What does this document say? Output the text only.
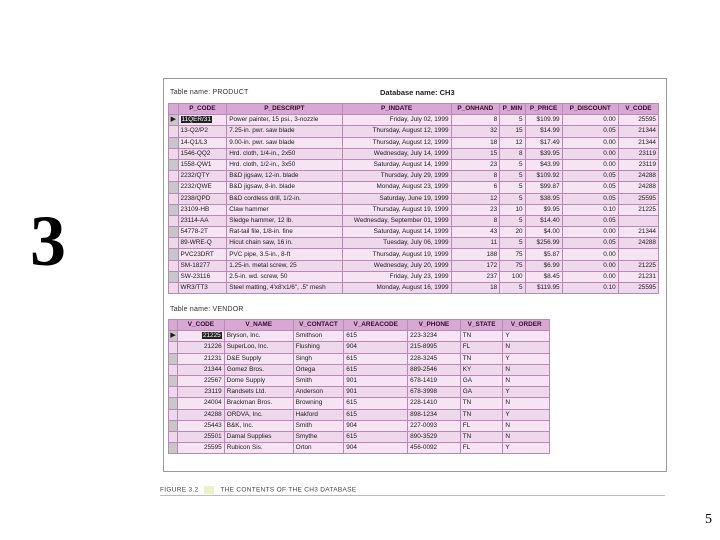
3
Table name: PRODUCT	Database name: CH3
	P_CODE	P_DESCRIPT	P_INDATE	P_ONHAND	P_MIN	P_PRICE	P_DISCOUNT	V_CODE
▶	11QER/31	Power painter, 15 psi., 3-nozzle	Friday, July 02, 1999	8	5	$109.99	0.00	25595
	13-Q2/P2	7.25-in. pwr. saw blade	Thursday, August 12, 1999	32	15	$14.99	0.05	21344
	14-Q1/L3	9.00-in. pwr. saw blade	Thursday, August 12, 1999	18	12	$17.49	0.00	21344
	1546-QQ2	Hrd. cloth, 1/4-in., 2x50	Wednesday, July 14, 1999	15	8	$39.95	0.00	23119
	1558-QW1	Hrd. cloth, 1/2-in., 3x50	Saturday, August 14, 1999	23	5	$43.99	0.00	23119
	2232/QTY	B&D jigsaw, 12-in. blade	Thursday, July 29, 1999	8	5	$109.92	0.05	24288
	2232/QWE	B&D jigsaw, 8-in. blade	Monday, August 23, 1999	6	5	$99.87	0.05	24288
	2238/QPD	B&D cordless drill, 1/2-in.	Saturday, June 19, 1999	12	5	$38.95	0.05	25595
	23109-HB	Claw hammer	Thursday, August 19, 1999	23	10	$9.95	0.10	21225
	23114-AA	Sledge hammer, 12 lb.	Wednesday, September 01, 1999	8	5	$14.40	0.05	
	54778-2T	Rat-tail file, 1/8-in. fine	Saturday, August 14, 1999	43	20	$4.00	0.00	21344
	89-WRE-Q	Hicut chain saw, 16 in.	Tuesday, July 06, 1999	11	5	$256.99	0.05	24288
	PVC23DRT	PVC pipe, 3.5-in., 8-ft	Thursday, August 19, 1999	188	75	$5.87	0.00	
	SM-18277	1.25-in. metal screw, 25	Wednesday, July 20, 1999	172	75	$6.99	0.00	21225
	SW-23116	2.5-in. wd. screw, 50	Friday, July 23, 1999	237	100	$8.45	0.00	21231
	WR3/TT3	Steel matting, 4'x8'x1/6", .5" mesh	Monday, August 16, 1999	18	5	$119.95	0.10	25595
Table name: VENDOR
	V_CODE	V_NAME	V_CONTACT	V_AREACODE	V_PHONE	V_STATE	V_ORDER
▶	21225	Bryson, Inc.	Smithson	615	223-3234	TN	Y
	21226	SuperLoo, Inc.	Flushing	904	215-8995	FL	N
	21231	D&E Supply	Singh	615	228-3245	TN	Y
	21344	Gomez Bros.	Ortega	615	889-2546	KY	N
	22567	Dome Supply	Smith	901	678-1419	GA	N
	23119	Randsets Ltd.	Anderson	901	678-3998	GA	Y
	24004	Brackman Bros.	Browning	615	228-1410	TN	N
	24288	ORDVA, Inc.	Hakford	615	898-1234	TN	Y
	25443	B&K, Inc.	Smith	904	227-0093	FL	N
	25501	Damal Supplies	Smythe	615	890-3529	TN	N
	25595	Rubicon Sis.	Orton	904	456-0092	FL	Y
FIGURE 3.2	THE CONTENTS OF THE CH3 DATABASE
5
